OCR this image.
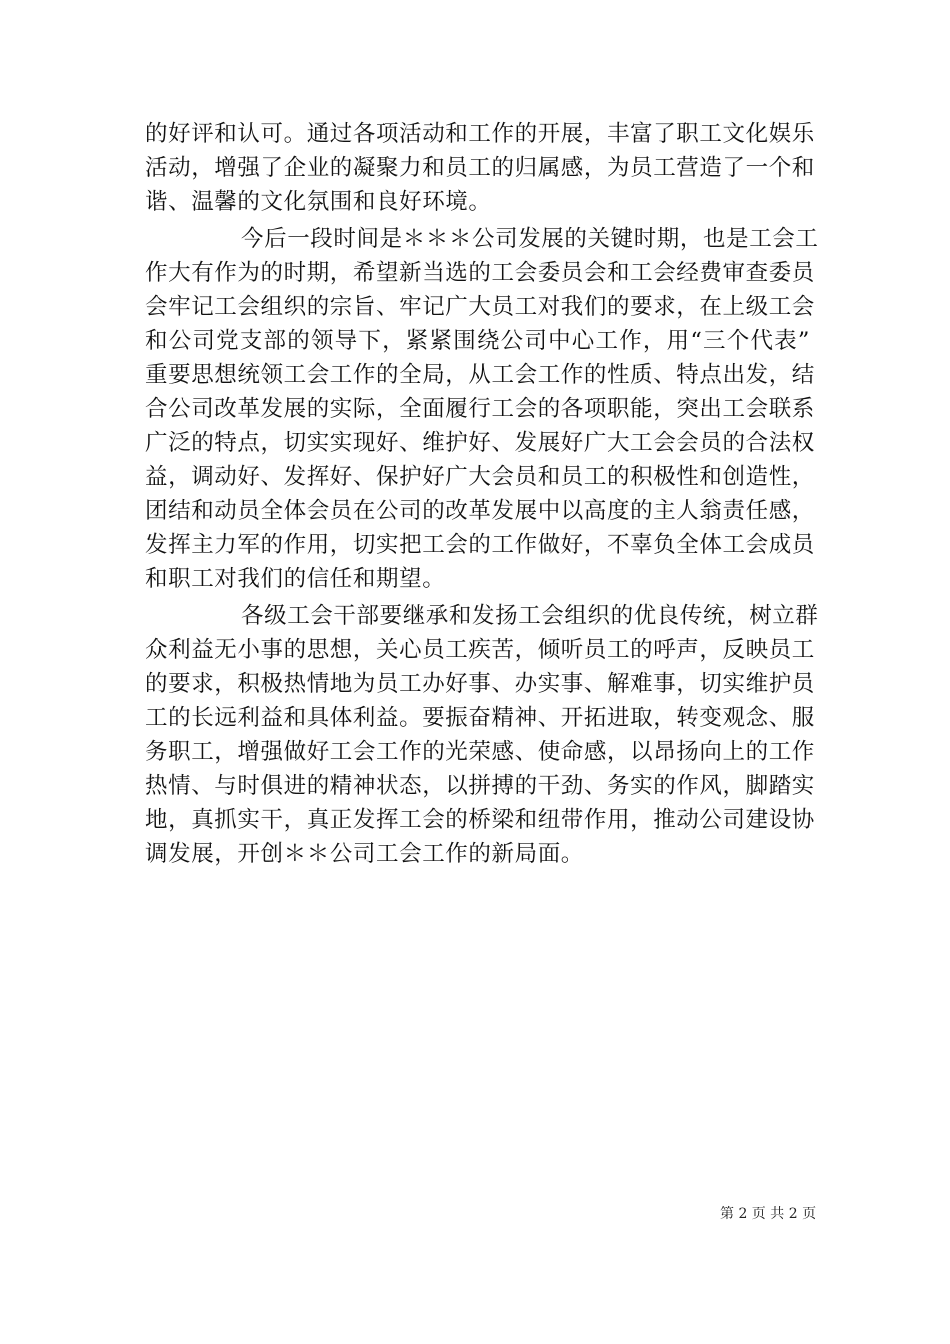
的好评和认可。通过各项活动和工作的开展，丰富了职工文化娱乐
活动，增强了企业的凝聚力和员工的归属感，为员工营造了一个和
谐、温馨的文化氛围和良好环境。
今后一段时间是＊＊＊公司发展的关键时期，也是工会工
作大有作为的时期，希望新当选的工会委员会和工会经费审查委员
会牢记工会组织的宗旨、牢记广大员工对我们的要求，在上级工会
和公司党支部的领导下，紧紧围绕公司中心工作，用“三个代表”
重要思想统领工会工作的全局，从工会工作的性质、特点出发，结
合公司改革发展的实际，全面履行工会的各项职能，突出工会联系
广泛的特点，切实实现好、维护好、发展好广大工会会员的合法权
益，调动好、发挥好、保护好广大会员和员工的积极性和创造性，
团结和动员全体会员在公司的改革发展中以高度的主人翁责任感，
发挥主力军的作用，切实把工会的工作做好，不辜负全体工会成员
和职工对我们的信任和期望。
各级工会干部要继承和发扬工会组织的优良传统，树立群
众利益无小事的思想，关心员工疾苦，倾听员工的呼声，反映员工
的要求，积极热情地为员工办好事、办实事、解难事，切实维护员
工的长远利益和具体利益。要振奋精神、开拓进取，转变观念、服
务职工，增强做好工会工作的光荣感、使命感，以昂扬向上的工作
热情、与时俱进的精神状态，以拼搏的干劲、务实的作风，脚踏实
地，真抓实干，真正发挥工会的桥梁和纽带作用，推动公司建设协
调发展，开创＊＊公司工会工作的新局面。
第 2 页 共 2 页
